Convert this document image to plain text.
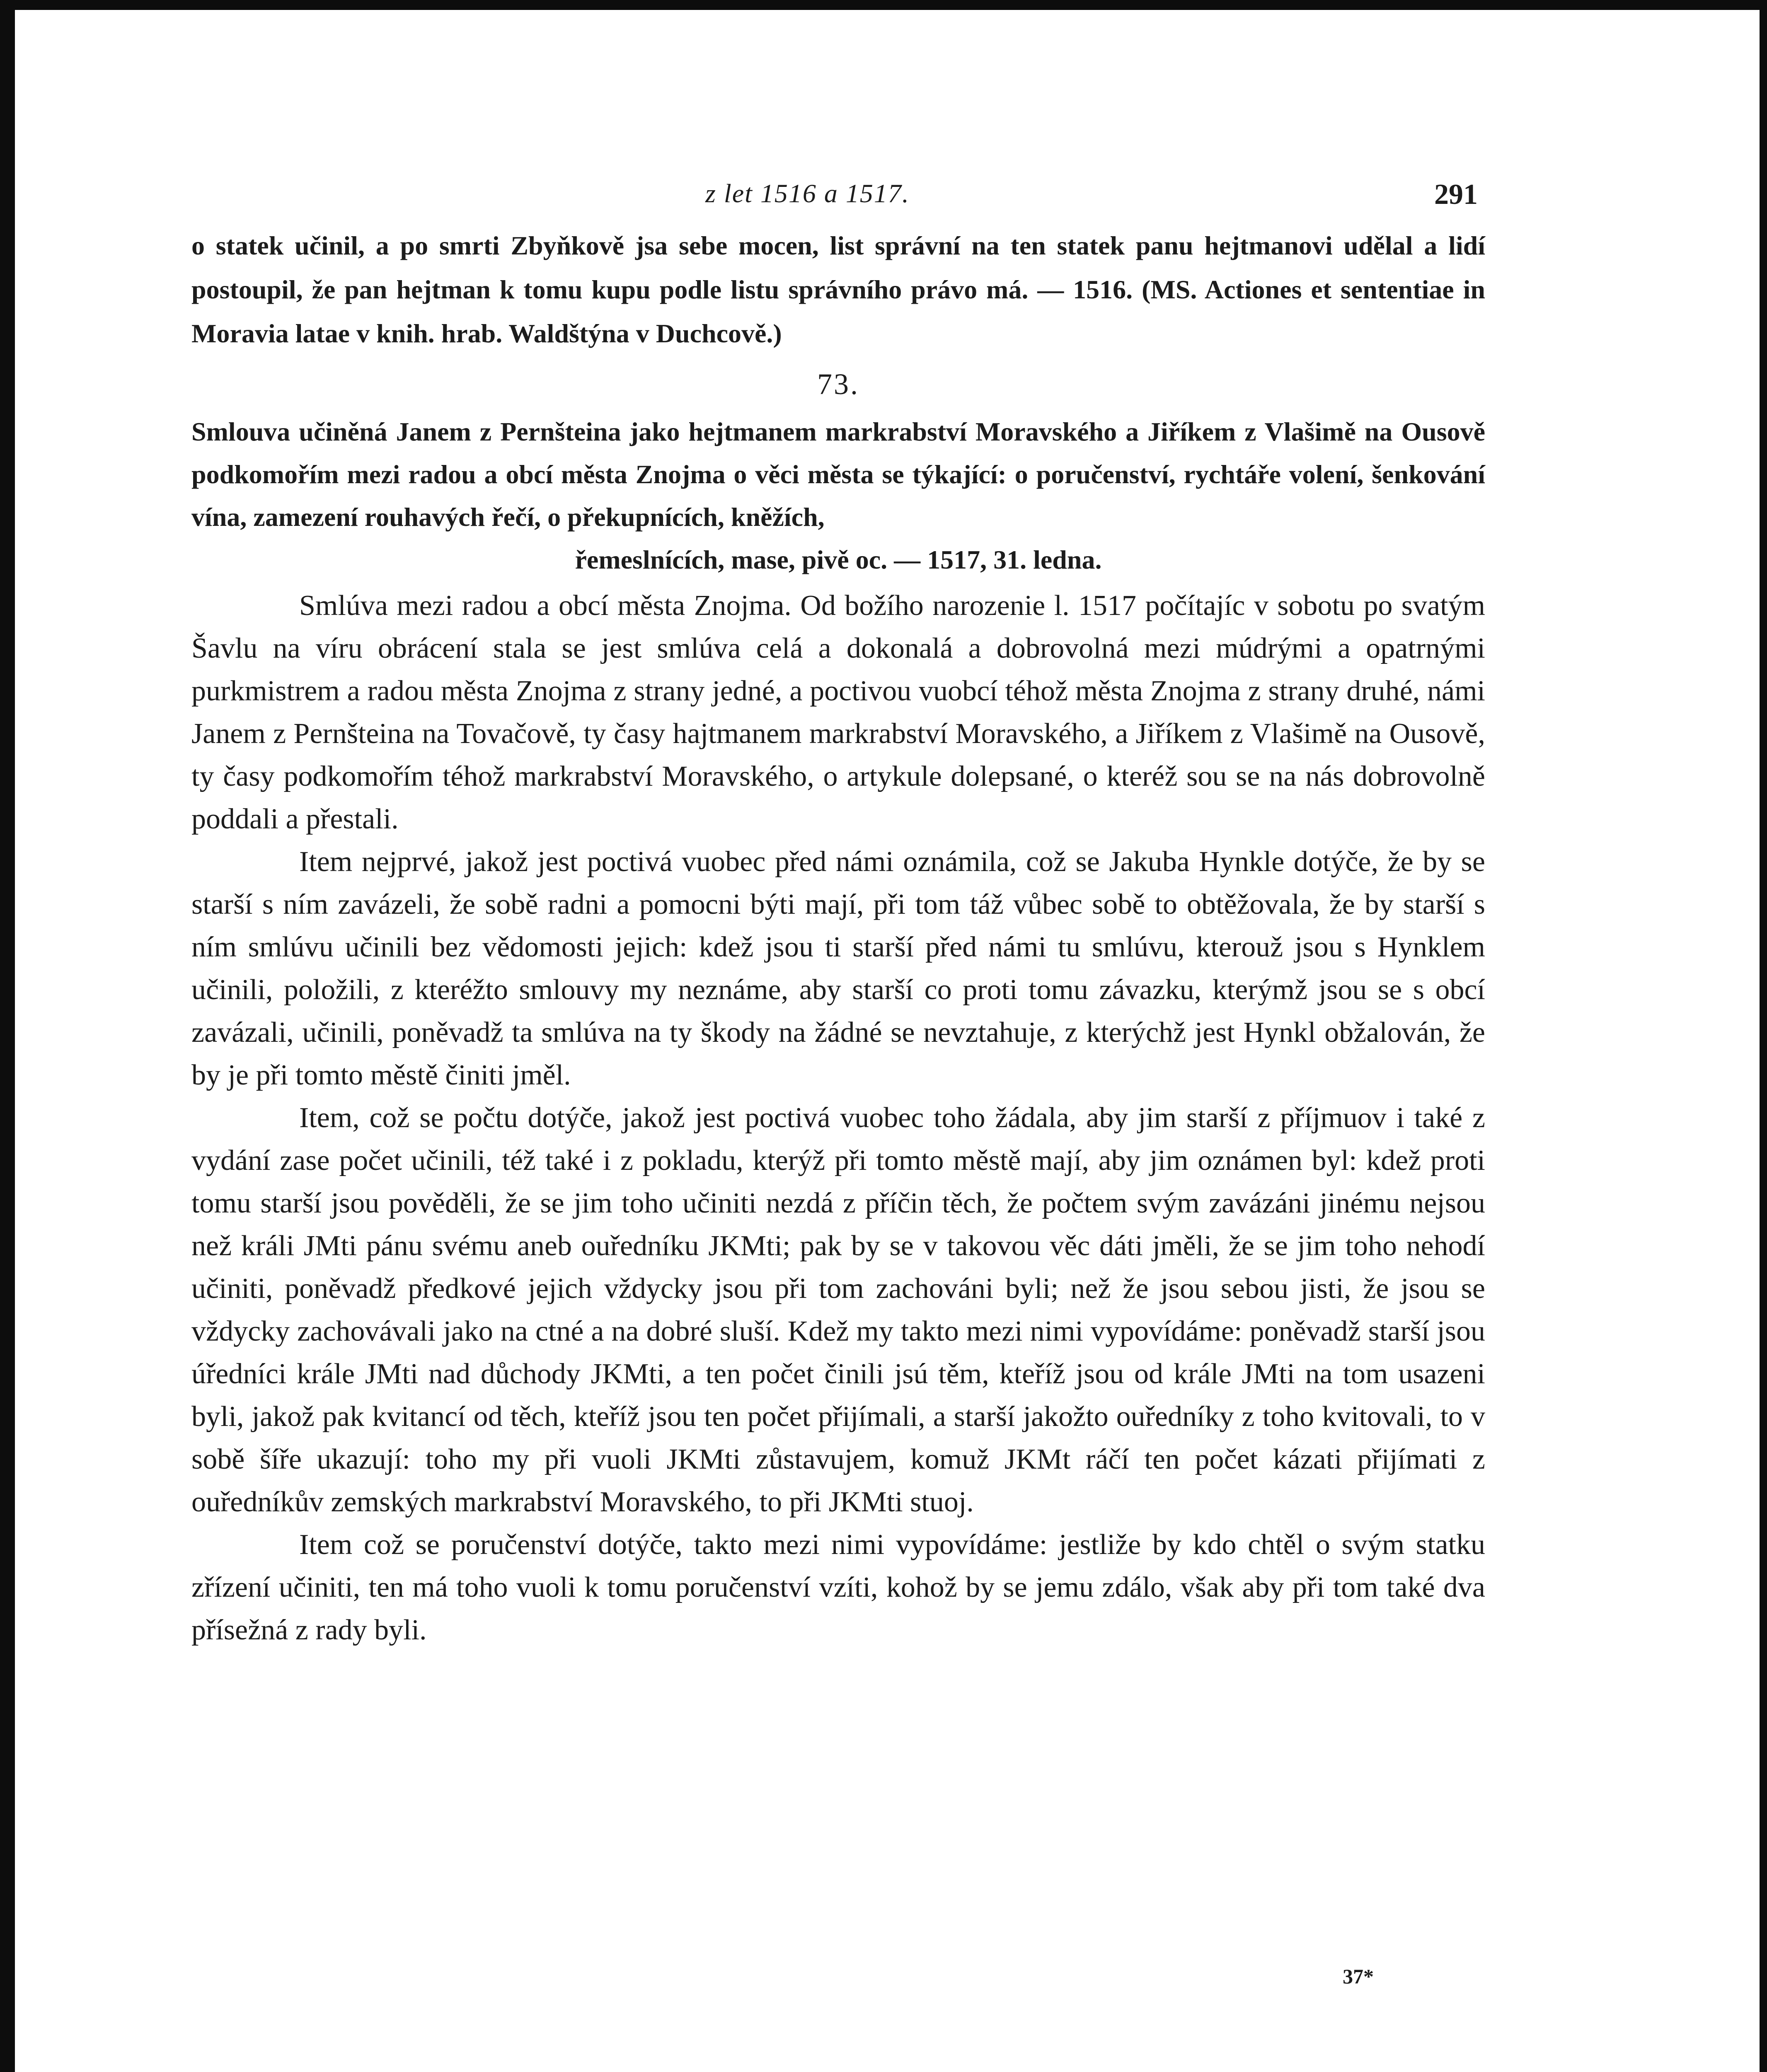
z let 1516 a 1517.	291

o statek učinil, a po smrti Zbyňkově jsa sebe mocen, list správní na ten statek panu hejtmanovi udělal a lidí postoupil, že pan hejtman k tomu kupu podle listu správního právo má. — 1516. (MS. Actiones et sententiae in Moravia latae v knih. hrab. Waldštýna v Duchcově.)

73.

Smlouva učiněná Janem z Pernšteina jako hejtmanem markrabství Moravského a Jiříkem z Vlašimě na Ousově podkomořím mezi radou a obcí města Znojma o věci města se týkající: o poručenství, rychtáře volení, šenkování vína, zamezení rouhavých řečí, o překupnících, kněžích,

řemeslnících, mase, pivě oc. — 1517, 31. ledna.

Smlúva mezi radou a obcí města Znojma. Od božího narozenie l. 1517 počítajíc v sobotu po svatým Šavlu na víru obrácení stala se jest smlúva celá a dokonalá a dobrovolná mezi múdrými a opatrnými purkmistrem a radou města Znojma z strany jedné, a poctivou vuobcí téhož města Znojma z strany druhé, námi Janem z Pernšteina na Tovačově, ty časy hajtmanem markrabství Moravského, a Jiříkem z Vlašimě na Ousově, ty časy podkomořím téhož markrabství Moravského, o artykule dolepsané, o kteréž sou se na nás dobrovolně poddali a přestali.

Item nejprvé, jakož jest poctivá vuobec před námi oznámila, což se Jakuba Hynkle dotýče, že by se starší s ním zavázeli, že sobě radni a pomocni býti mají, při tom táž vůbec sobě to obtěžovala, že by starší s ním smlúvu učinili bez vědomosti jejich: kdež jsou ti starší před námi tu smlúvu, kterouž jsou s Hynklem učinili, položili, z kteréžto smlouvy my neznáme, aby starší co proti tomu závazku, kterýmž jsou se s obcí zavázali, učinili, poněvadž ta smlúva na ty škody na žádné se nevztahuje, z kterýchž jest Hynkl obžalován, že by je při tomto městě činiti jměl.

Item, což se počtu dotýče, jakož jest poctivá vuobec toho žádala, aby jim starší z příjmuov i také z vydání zase počet učinili, též také i z pokladu, kterýž při tomto městě mají, aby jim oznámen byl: kdež proti tomu starší jsou pověděli, že se jim toho učiniti nezdá z příčin těch, že počtem svým zavázáni jinému nejsou než králi JMti pánu svému aneb ouředníku JKMti; pak by se v takovou věc dáti jměli, že se jim toho nehodí učiniti, poněvadž předkové jejich vždycky jsou při tom zachováni byli; než že jsou sebou jisti, že jsou se vždycky zachovávali jako na ctné a na dobré sluší. Kdež my takto mezi nimi vypovídáme: poněvadž starší jsou úředníci krále JMti nad důchody JKMti, a ten počet činili jsú těm, kteříž jsou od krále JMti na tom usazeni byli, jakož pak kvitancí od těch, kteříž jsou ten počet přijímali, a starší jakožto ouředníky z toho kvitovali, to v sobě šíře ukazují: toho my při vuoli JKMti zůstavujem, komuž JKMt ráčí ten počet kázati přijímati z ouředníkův zemských markrabství Moravského, to při JKMti stuoj.

Item což se poručenství dotýče, takto mezi nimi vypovídáme: jestliže by kdo chtěl o svým statku zřízení učiniti, ten má toho vuoli k tomu poručenství vzíti, kohož by se jemu zdálo, však aby při tom také dva přísežná z rady byli.

37*
